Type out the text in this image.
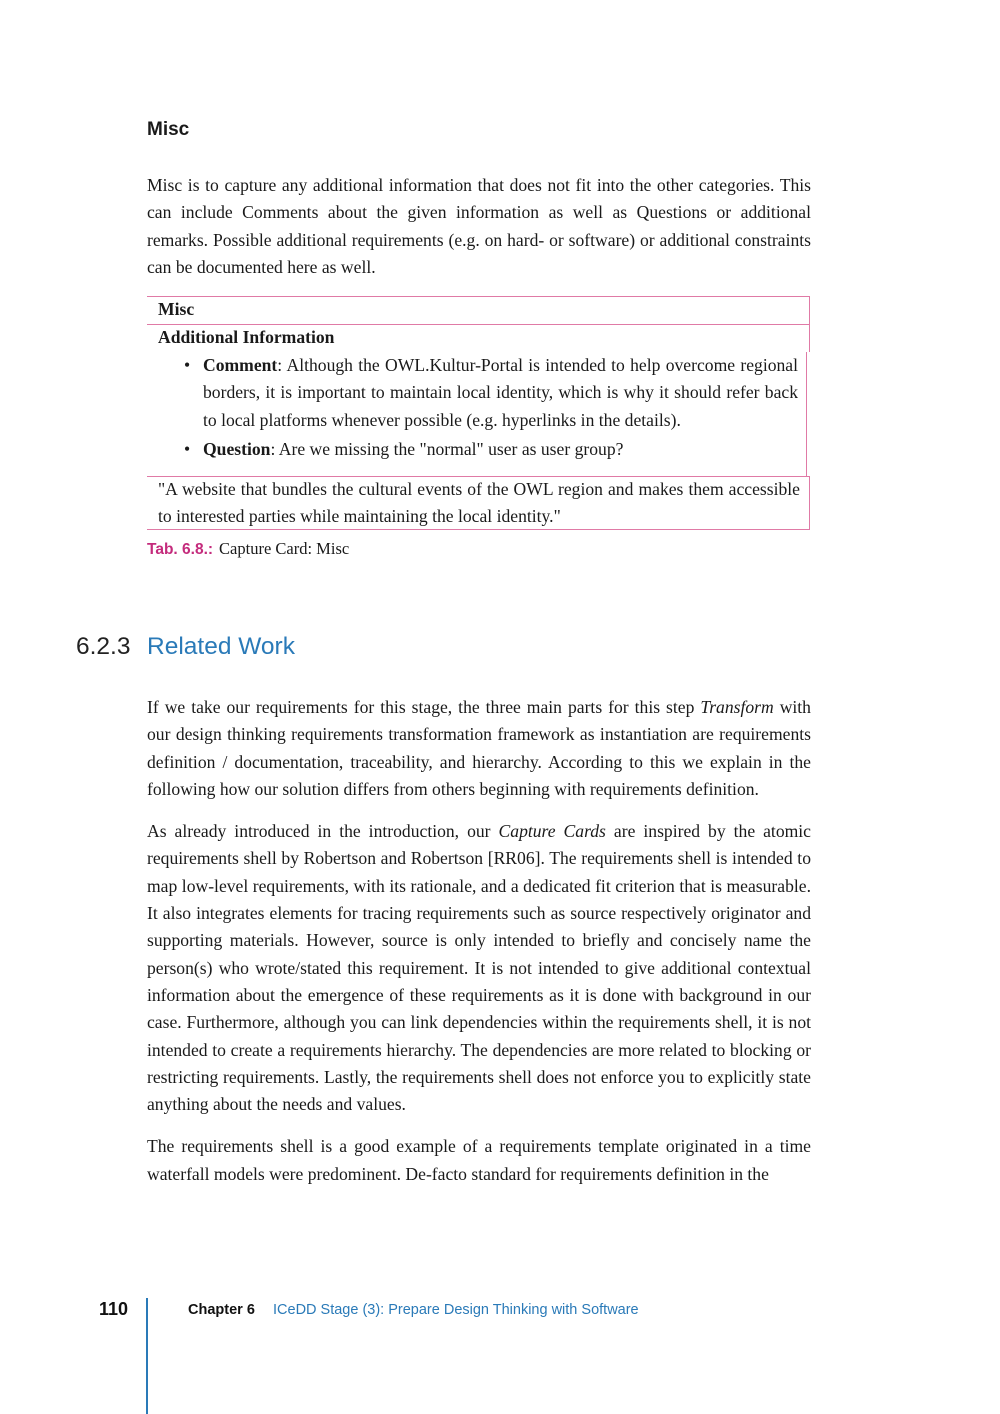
Misc

Misc is to capture any additional information that does not fit into the other categories. This can include Comments about the given information as well as Questions or additional remarks. Possible additional requirements (e.g. on hard- or software) or additional constraints can be documented here as well.

Misc
Additional Information
• Comment: Although the OWL.Kultur-Portal is intended to help overcome regional borders, it is important to maintain local identity, which is why it should refer back to local platforms whenever possible (e.g. hyperlinks in the details).
• Question: Are we missing the "normal" user as user group?
"A website that bundles the cultural events of the OWL region and makes them accessible to interested parties while maintaining the local identity."
Tab. 6.8.: Capture Card: Misc
6.2.3 Related Work

If we take our requirements for this stage, the three main parts for this step Transform with our design thinking requirements transformation framework as instantiation are requirements definition / documentation, traceability, and hierarchy. According to this we explain in the following how our solution differs from others beginning with requirements definition.

As already introduced in the introduction, our Capture Cards are inspired by the atomic requirements shell by Robertson and Robertson [RR06]. The requirements shell is intended to map low-level requirements, with its rationale, and a dedicated fit criterion that is measurable. It also integrates elements for tracing requirements such as source respectively originator and supporting materials. However, source is only intended to briefly and concisely name the person(s) who wrote/stated this requirement. It is not intended to give additional contextual information about the emergence of these requirements as it is done with background in our case. Furthermore, although you can link dependencies within the requirements shell, it is not intended to create a requirements hierarchy. The dependencies are more related to blocking or restricting requirements. Lastly, the requirements shell does not enforce you to explicitly state anything about the needs and values.

The requirements shell is a good example of a requirements template originated in a time waterfall models were predominent. De-facto standard for requirements definition in the

110	Chapter 6 ICeDD Stage (3): Prepare Design Thinking with Software
